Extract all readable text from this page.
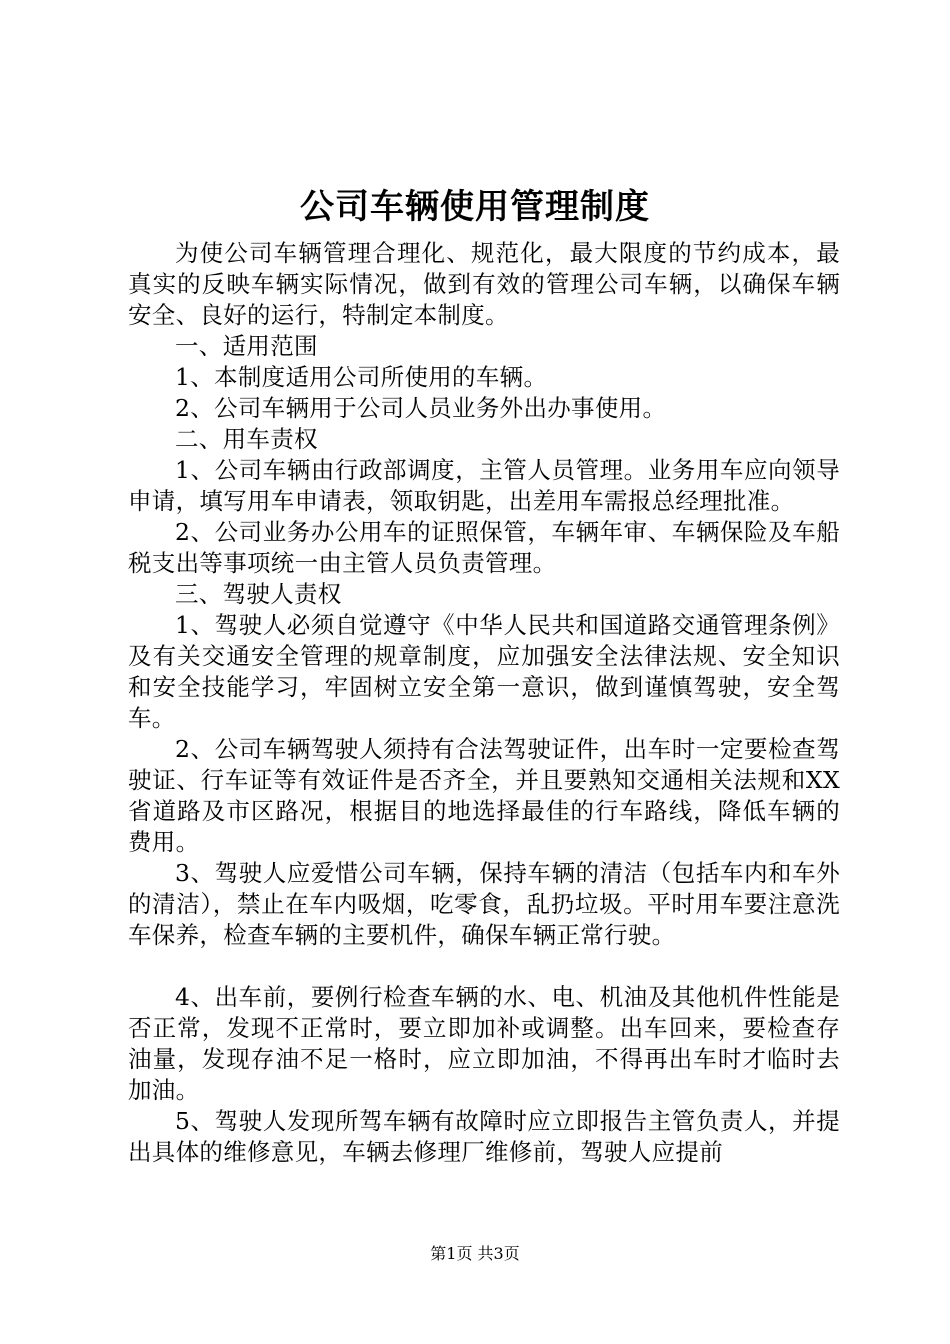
公司车辆使用管理制度

为使公司车辆管理合理化、规范化，最大限度的节约成本，最真实的反映车辆实际情况，做到有效的管理公司车辆，以确保车辆安全、良好的运行，特制定本制度。

一、适用范围

1、本制度适用公司所使用的车辆。

2、公司车辆用于公司人员业务外出办事使用。

二、用车责权

1、公司车辆由行政部调度，主管人员管理。业务用车应向领导申请，填写用车申请表，领取钥匙，出差用车需报总经理批准。

2、公司业务办公用车的证照保管，车辆年审、车辆保险及车船税支出等事项统一由主管人员负责管理。

三、驾驶人责权

1、驾驶人必须自觉遵守《中华人民共和国道路交通管理条例》及有关交通安全管理的规章制度，应加强安全法律法规、安全知识和安全技能学习，牢固树立安全第一意识，做到谨慎驾驶，安全驾车。

2、公司车辆驾驶人须持有合法驾驶证件，出车时一定要检查驾驶证、行车证等有效证件是否齐全，并且要熟知交通相关法规和XX省道路及市区路况，根据目的地选择最佳的行车路线，降低车辆的费用。

3、驾驶人应爱惜公司车辆，保持车辆的清洁（包括车内和车外的清洁），禁止在车内吸烟，吃零食，乱扔垃圾。平时用车要注意洗车保养，检查车辆的主要机件，确保车辆正常行驶。

4、出车前，要例行检查车辆的水、电、机油及其他机件性能是否正常，发现不正常时，要立即加补或调整。出车回来，要检查存油量，发现存油不足一格时，应立即加油，不得再出车时才临时去加油。

5、驾驶人发现所驾车辆有故障时应立即报告主管负责人，并提出具体的维修意见，车辆去修理厂维修前，驾驶人应提前

第1页 共3页
